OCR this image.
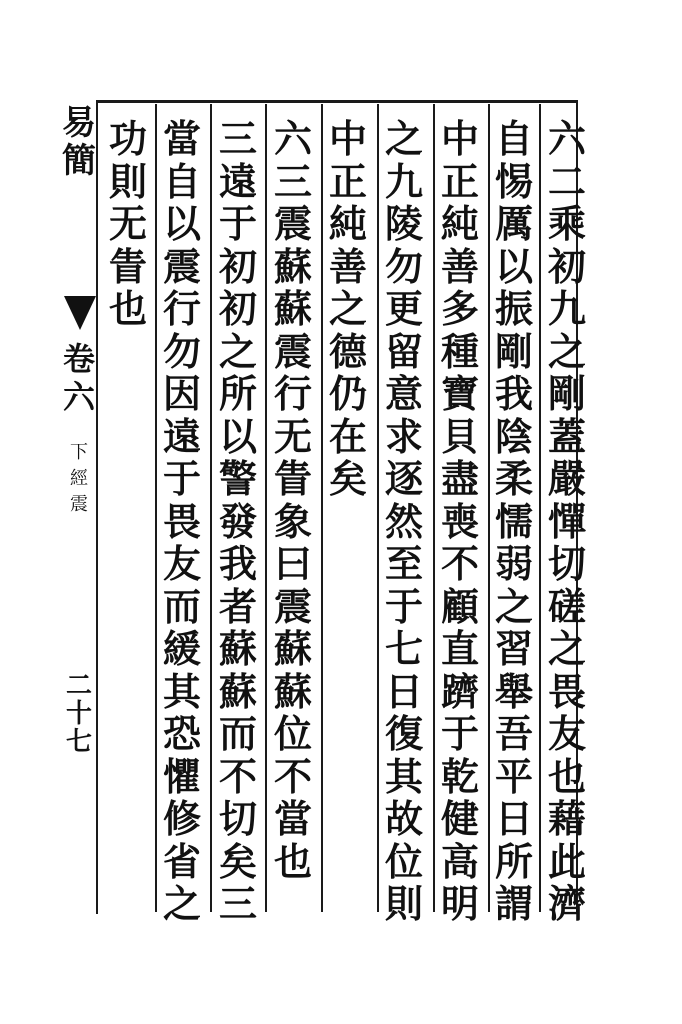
六
二
乘
初
九
之
剛
蓋
嚴
憚
切
磋
之
畏
友
也
藉
此
濟
自
惕
厲
以
振
剛
我
陰
柔
懦
弱
之
習
舉
吾
平
日
所
謂
中
正
純
善
多
種
寶
貝
盡
喪
不
顧
直
躋
于
乾
健
高
明
之
九
陵
勿
更
留
意
求
逐
然
至
于
七
日
復
其
故
位
則
中
正
純
善
之
德
仍
在
矣
六
三
震
蘇
蘇
震
行
无
眚
象
曰
震
蘇
蘇
位
不
當
也
三
遠
于
初
初
之
所
以
警
發
我
者
蘇
蘇
而
不
切
矣
三
當
自
以
震
行
勿
因
遠
于
畏
友
而
緩
其
恐
懼
修
省
之
功
則
无
眚
也
易
簡
卷
六
下
經
震
二
十
七
